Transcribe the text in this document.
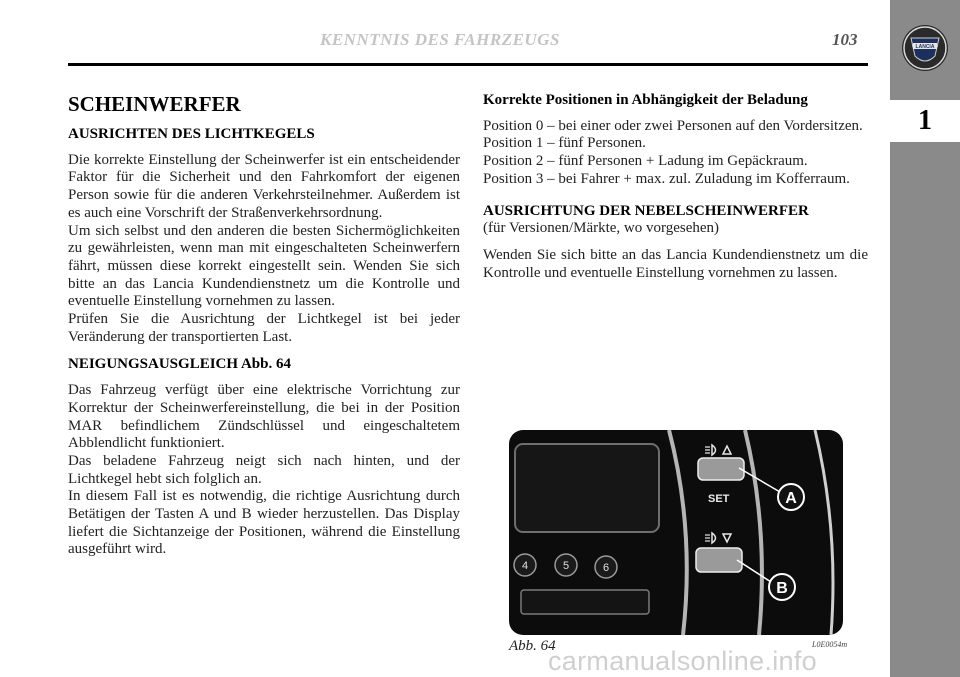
KENNTNIS DES FAHRZEUGS	103	LANCIA
1
SCHEINWERFER
AUSRICHTEN DES LICHTKEGELS

Die korrekte Einstellung der Scheinwerfer ist ein entscheidender Faktor für die Sicherheit und den Fahrkomfort der eigenen Person sowie für die anderen Verkehrsteilnehmer. Außerdem ist es auch eine Vorschrift der Straßenverkehrsordnung.

Um sich selbst und den anderen die besten Sichermöglichkeiten zu gewährleisten, wenn man mit eingeschalteten Scheinwerfern fährt, müssen diese korrekt eingestellt sein. Wenden Sie sich bitte an das Lancia Kundendienstnetz um die Kontrolle und eventuelle Einstellung vornehmen zu lassen.

Prüfen Sie die Ausrichtung der Lichtkegel ist bei jeder Veränderung der transportierten Last.

NEIGUNGSAUSGLEICH Abb. 64

Das Fahrzeug verfügt über eine elektrische Vorrichtung zur Korrektur der Scheinwerfereinstellung, die bei in der Position MAR befindlichem Zündschlüssel und eingeschaltetem Abblendlicht funktioniert.

Das beladene Fahrzeug neigt sich nach hinten, und der Lichtkegel hebt sich folglich an.

In diesem Fall ist es notwendig, die richtige Ausrichtung durch Betätigen der Tasten A und B wieder herzustellen. Das Display liefert die Sichtanzeige der Positionen, während die Einstellung ausgeführt wird.

Korrekte Positionen in Abhängigkeit der Beladung
Position 0 – bei einer oder zwei Personen auf den Vordersitzen.
Position 1 – fünf Personen.
Position 2 – fünf Personen + Ladung im Gepäckraum.
Position 3 – bei Fahrer + max. zul. Zuladung im Kofferraum.
AUSRICHTUNG DER NEBELSCHEINWERFER

(für Versionen/Märkte, wo vorgesehen)

Wenden Sie sich bitte an das Lancia Kundendienstnetz um die Kontrolle und eventuelle Einstellung vornehmen zu lassen.

SET	A
B
4	5	6
Abb. 64	L0E0054m
carmanualsonline.info
